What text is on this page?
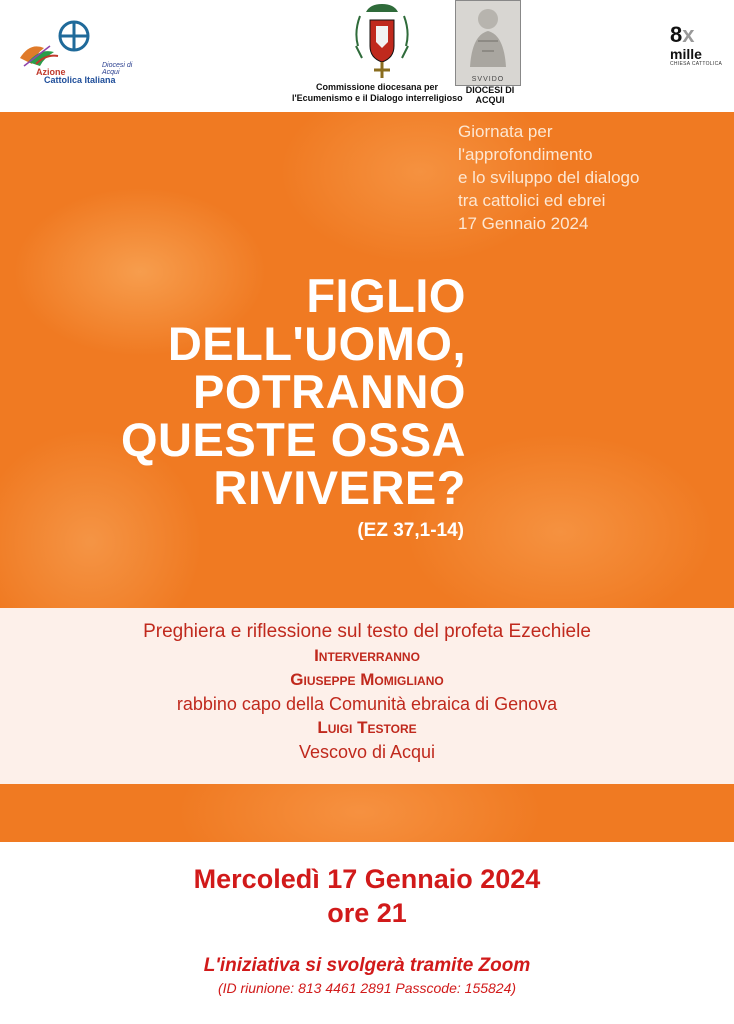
Azione
Cattolica Italiana
Diocesi di Acqui
Commissione diocesana per
l'Ecumenismo e il Dialogo interreligioso
SVVIDO
DIOCESI DI
ACQUI
8x
mille
CHIESA CATTOLICA
Giornata per
l'approfondimento
e lo sviluppo del dialogo
tra cattolici ed ebrei
17 Gennaio 2024
FIGLIO
DELL'UOMO,
POTRANNO
QUESTE OSSA
RIVIVERE?
(EZ 37,1-14)
Preghiera e riflessione sul testo del profeta Ezechiele
Interverranno
Giuseppe Momigliano
rabbino capo della Comunità ebraica di Genova
Luigi Testore
Vescovo di Acqui
Mercoledì 17 Gennaio 2024
ore 21
L'iniziativa si svolgerà tramite Zoom
(ID riunione: 813 4461 2891 Passcode: 155824)
